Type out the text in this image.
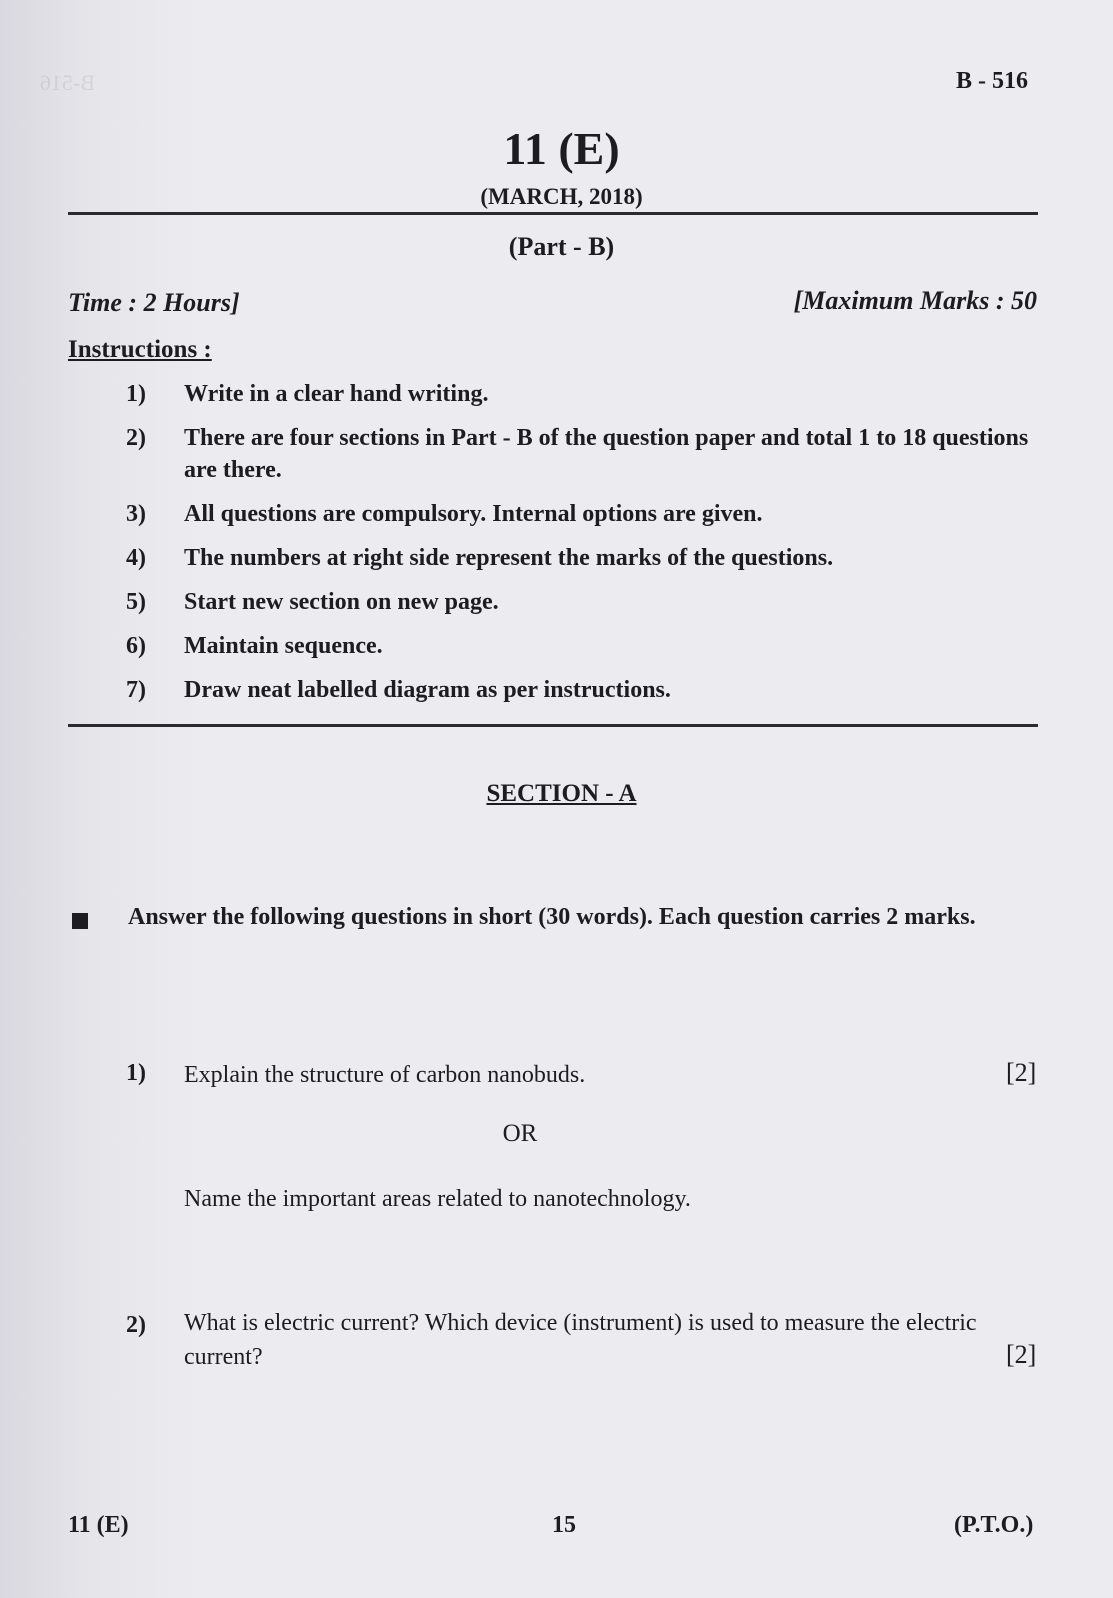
B-516	B - 516
11 (E)
(MARCH, 2018)
(Part - B)
Time : 2 Hours]	[Maximum Marks : 50
Instructions :
1)	Write in a clear hand writing.
2)	There are four sections in Part - B of the question paper and total 1 to 18 questions are there.
3)	All questions are compulsory. Internal options are given.
4)	The numbers at right side represent the marks of the questions.
5)	Start new section on new page.
6)	Maintain sequence.
7)	Draw neat labelled diagram as per instructions.
SECTION - A
Answer the following questions in short (30 words). Each question carries 2 marks.
1) Explain the structure of carbon nanobuds.	[2]
OR
Name the important areas related to nanotechnology.
2) What is electric current? Which device (instrument) is used to measure the electric current?	[2]
11 (E)	15	(P.T.O.)
